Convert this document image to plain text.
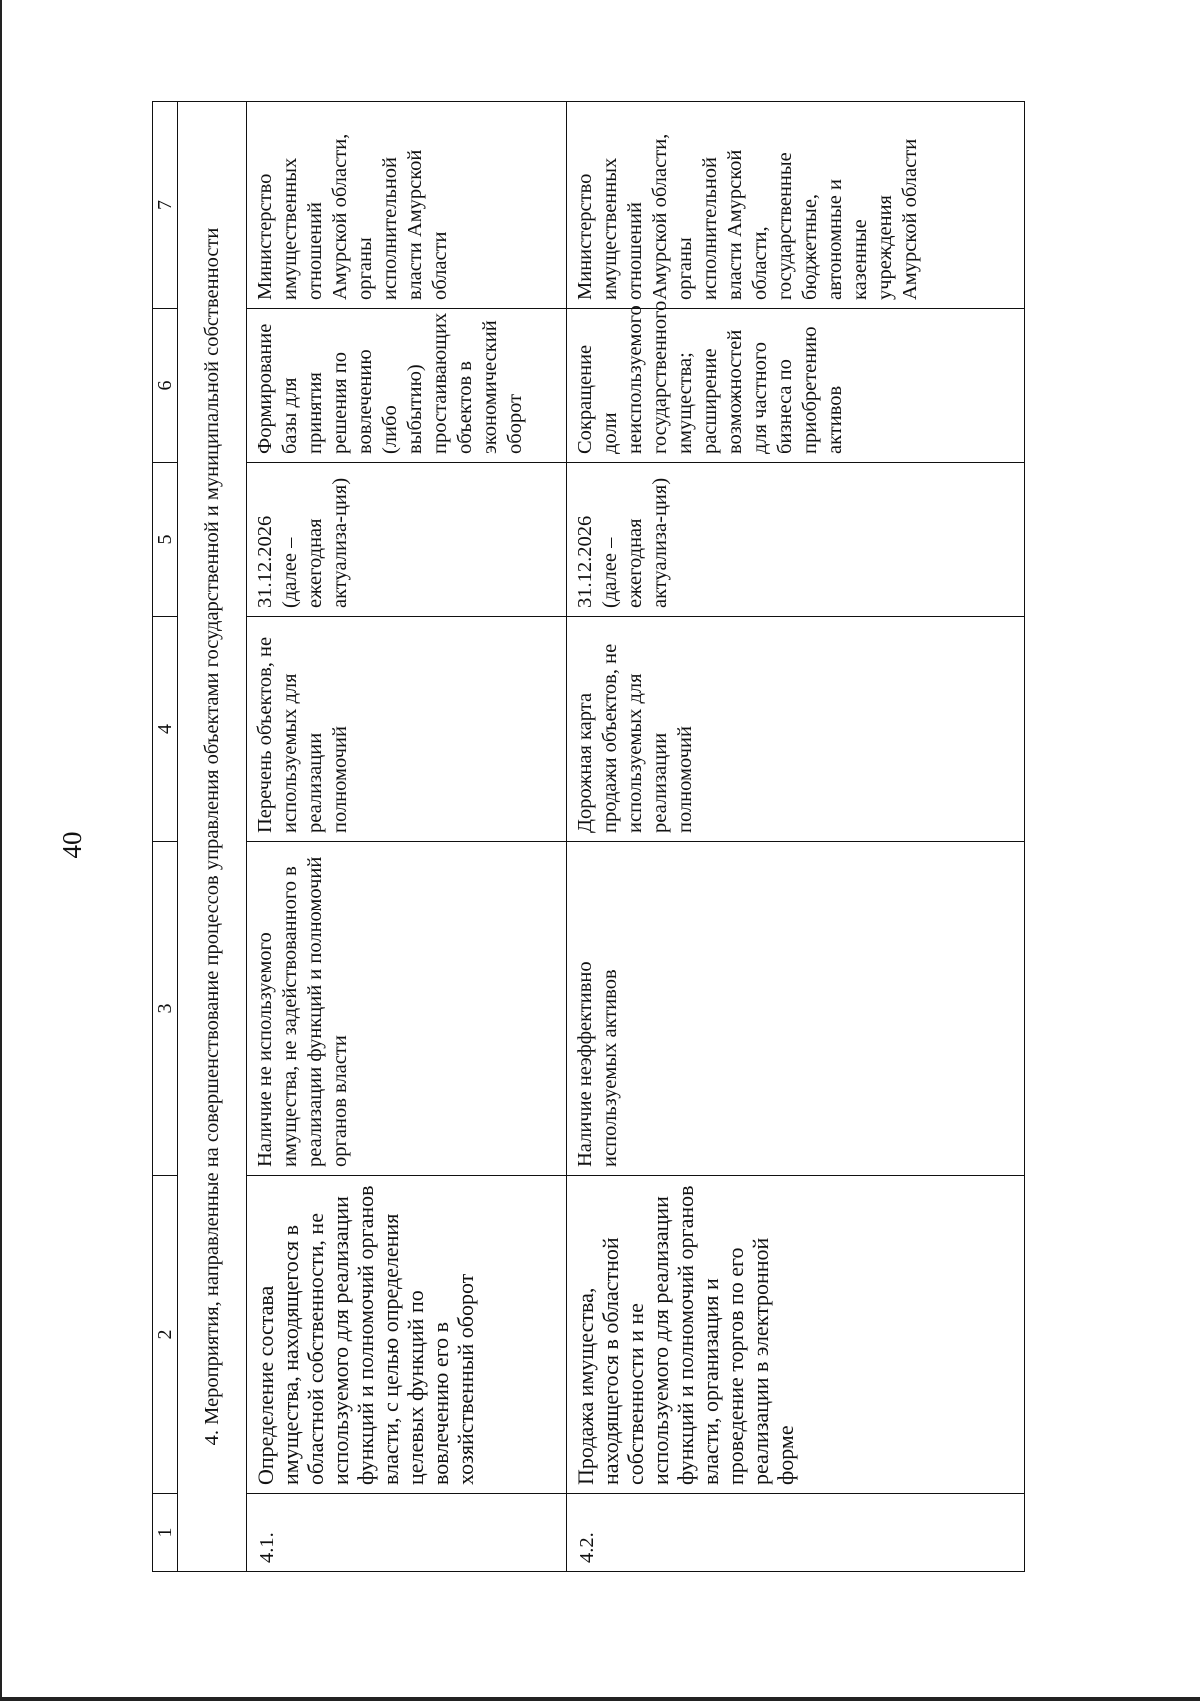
40
1	2	3	4	5	6	7
4. Мероприятия, направленные на совершенствование процессов управления объектами государственной и муниципальной собственности						
4.1.	Определение состава имущества, находящегося в областной собственности, не используемого для реализации функций и полномочий органов власти, с целью определения целевых функций по вовлечению его в хозяйственный оборот	Наличие не используемого имущества, не задействованного в реализации функций и полномочий органов власти	Перечень объектов, не используемых для реализации полномочий	31.12.2026 (далее – ежегодная актуализа-ция)	Формирование базы для принятия решения по вовлечению (либо выбытию) простаивающих объектов в экономический оборот	Министерство имущественных отношений Амурской области, органы исполнительной власти Амурской области
4.2.	Продажа имущества, находящегося в областной собственности и не используемого для реализации функций и полномочий органов власти, организация и проведение торгов по его реализации в электронной форме	Наличие неэффективно используемых активов	Дорожная карта продажи объектов, не используемых для реализации полномочий	31.12.2026 (далее – ежегодная актуализа-ция)	Сокращение доли неиспользуемого государственного имущества; расширение возможностей для частного бизнеса по приобретению активов	Министерство имущественных отношений Амурской области, органы исполнительной власти Амурской области, государственные бюджетные, автономные и казенные учреждения Амурской области
